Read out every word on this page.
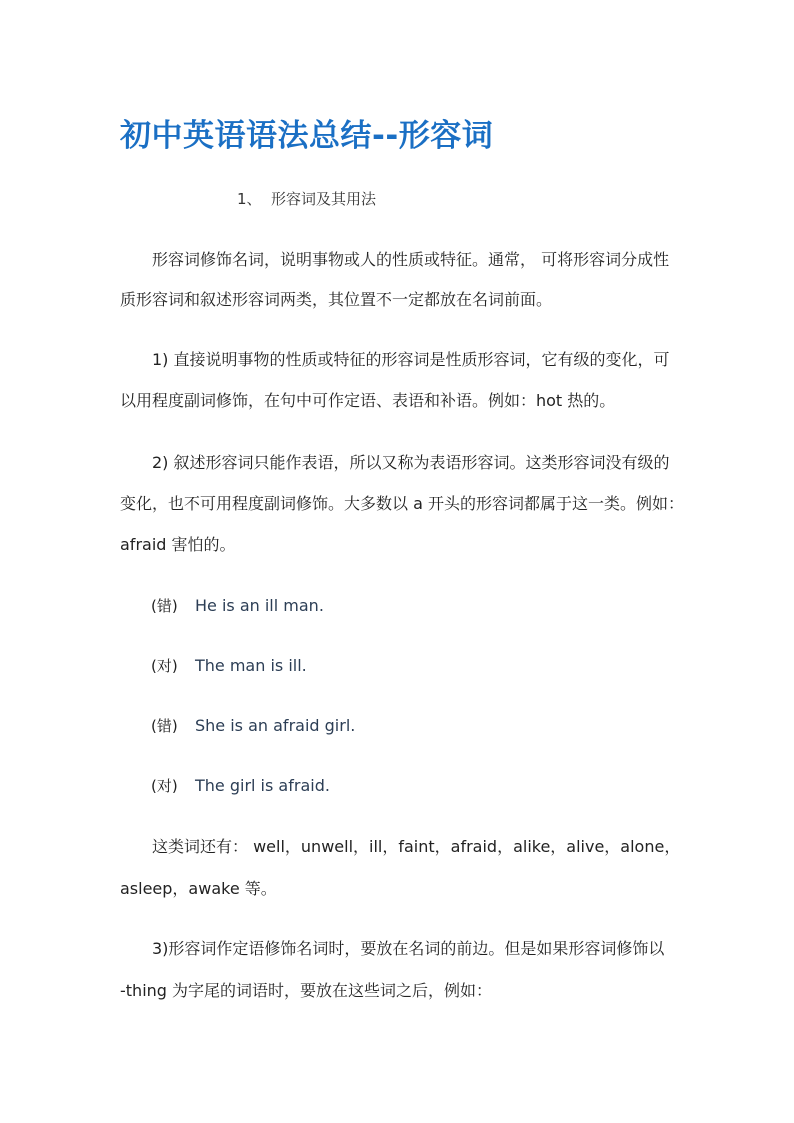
初中英语语法总结--形容词
1、 形容词及其用法
形容词修饰名词，说明事物或人的性质或特征。通常， 可将形容词分成性
质形容词和叙述形容词两类，其位置不一定都放在名词前面。
1) 直接说明事物的性质或特征的形容词是性质形容词，它有级的变化，可
以用程度副词修饰，在句中可作定语、表语和补语。例如：hot 热的。
2) 叙述形容词只能作表语，所以又称为表语形容词。这类形容词没有级的
变化，也不可用程度副词修饰。大多数以 a 开头的形容词都属于这一类。例如：
afraid 害怕的。
(错) He is an ill man.
(对) The man is ill.
(错) She is an afraid girl.
(对) The girl is afraid.
这类词还有： well，unwell，ill，faint，afraid，alike，alive，alone，
asleep，awake 等。
3)形容词作定语修饰名词时，要放在名词的前边。但是如果形容词修饰以
-thing 为字尾的词语时，要放在这些词之后，例如：
